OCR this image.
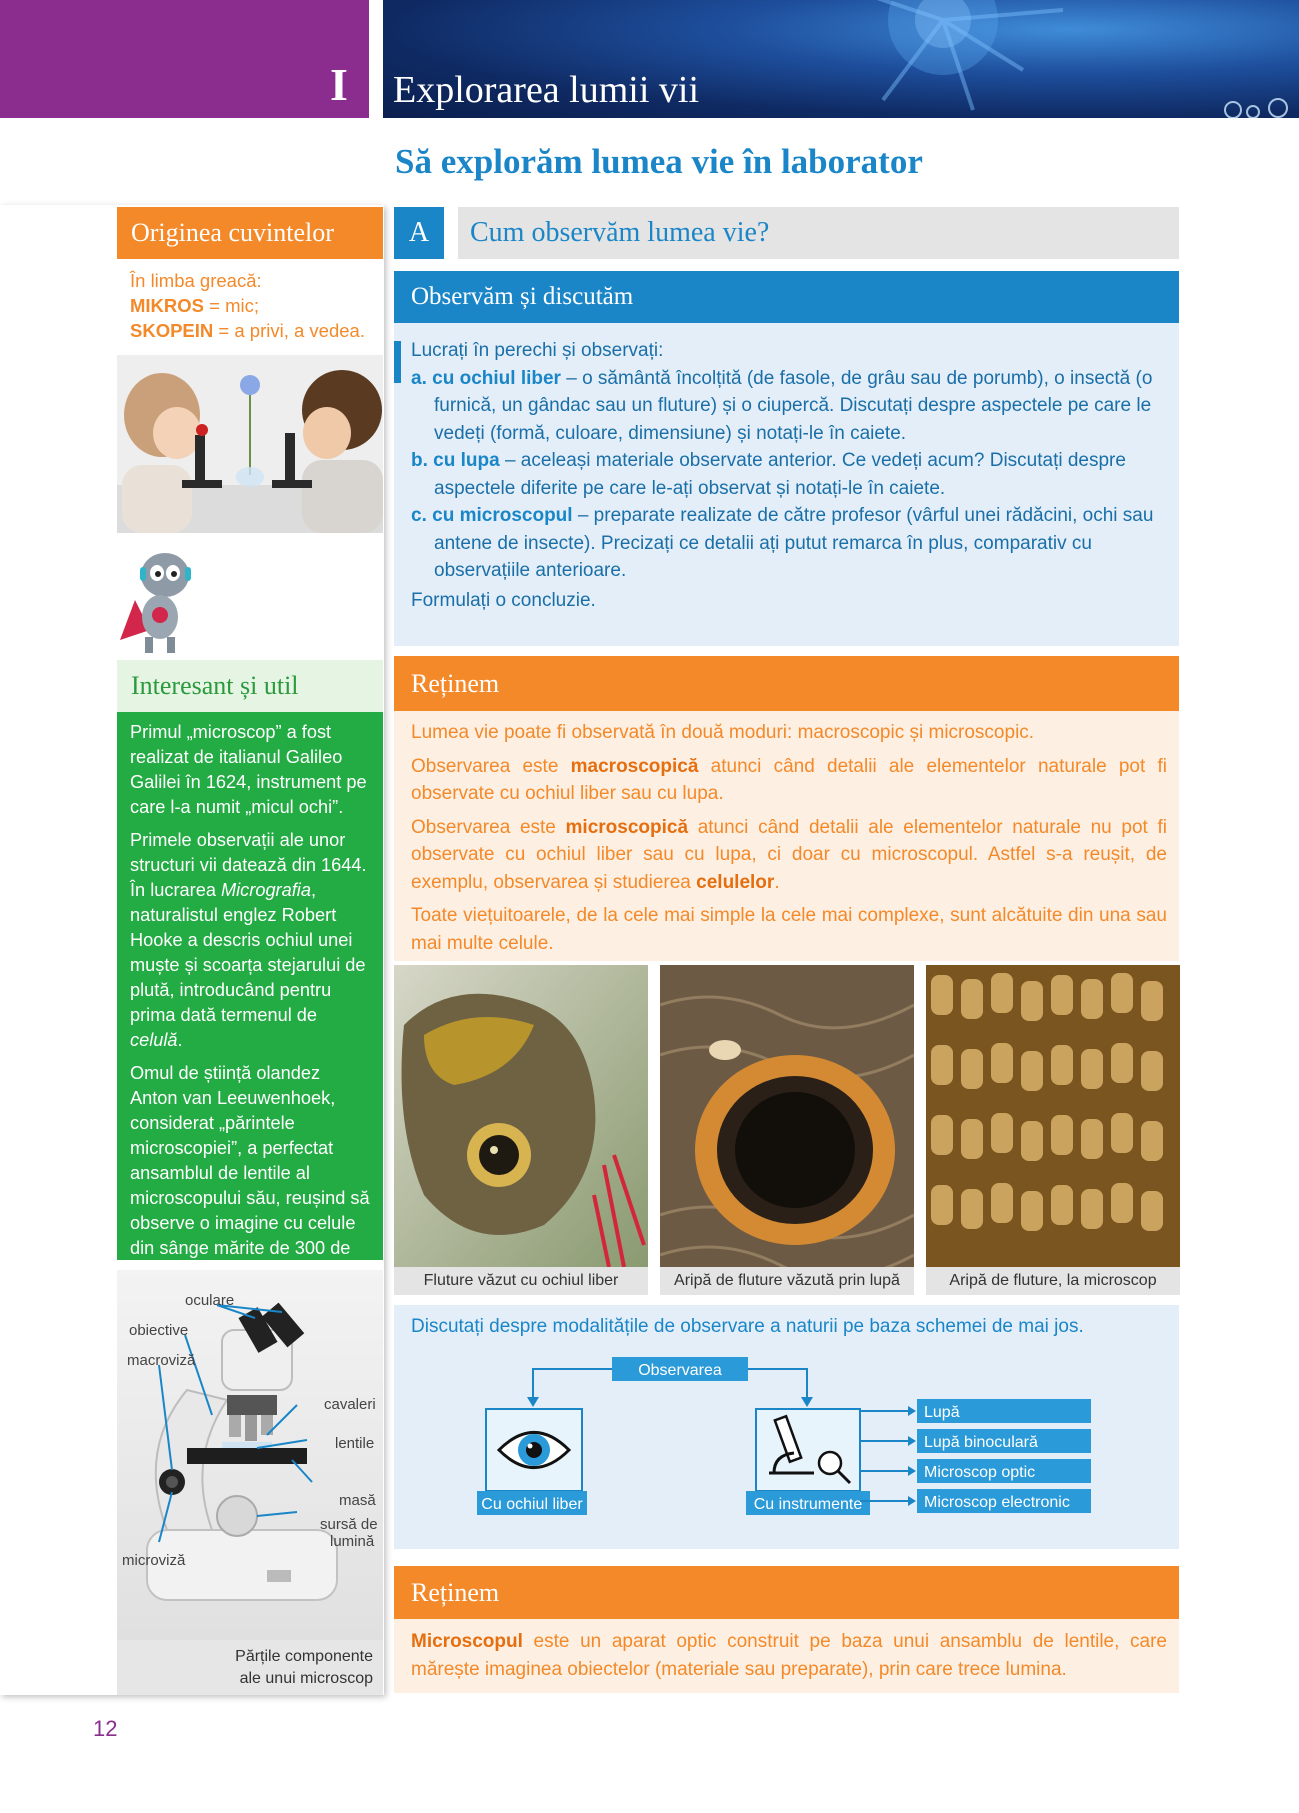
I Explorarea lumii vii
Să explorăm lumea vie în laborator
Originea cuvintelor
În limba greacă:
MIKROS = mic;
SKOPEIN = a privi, a vedea.
Interesant și util

Primul „microscop” a fost realizat de italianul Galileo Galilei în 1624, instrument pe care l-a numit „micul ochi”.

Primele observații ale unor structuri vii datează din 1644. În lucrarea Micrografia, naturalistul englez Robert Hooke a descris ochiul unei muște și scoarța stejarului de plută, introducând pentru prima dată termenul de celulă.

Omul de știință olandez Anton van Leeuwenhoek, considerat „părintele microscopiei”, a perfectat ansamblul de lentile al microscopului său, reușind să observe o imagine cu celule din sânge mărite de 300 de

oculare
obiective
macroviză
cavaleri
lentile
masă
sursă de
lumină
microviză
Părțile componente
ale unui microscop
12
A	Cum observăm lumea vie?
Observăm și discutăm

Lucrați în perechi și observați:

a. cu ochiul liber – o sământă încolțită (de fasole, de grâu sau de porumb), o insectă (o furnică, un gândac sau un fluture) și o ciupercă. Discutați despre aspectele pe care le vedeți (formă, culoare, dimensiune) și notați-le în caiete.

b. cu lupa – aceleași materiale observate anterior. Ce vedeți acum? Discutați despre aspectele diferite pe care le-ați observat și notați-le în caiete.

c. cu microscopul – preparate realizate de către profesor (vârful unei rădăcini, ochi sau antene de insecte). Precizați ce detalii ați putut remarca în plus, comparativ cu observațiile anterioare.

Formulați o concluzie.

Reținem

Lumea vie poate fi observată în două moduri: macroscopic și microscopic.

Observarea este macroscopică atunci când detalii ale elementelor naturale pot fi observate cu ochiul liber sau cu lupa.

Observarea este microscopică atunci când detalii ale elementelor naturale nu pot fi observate cu ochiul liber sau cu lupa, ci doar cu microscopul. Astfel s-a reușit, de exemplu, observarea și studierea celulelor.

Toate viețuitoarele, de la cele mai simple la cele mai complexe, sunt alcătuite din una sau mai multe celule.

Fluture văzut cu ochiul liber	Aripă de fluture văzută prin lupă	Aripă de fluture, la microscop
Observarea
Cu ochiul liber	Cu instrumente
Lupă
Lupă binoculară
Microscop optic
Microscop electronic
Discutați despre modalitățile de observare a naturii pe baza schemei de mai jos.
Reținem
Microscopul este un aparat optic construit pe baza unui ansamblu de lentile, care mărește imaginea obiectelor (materiale sau preparate), prin care trece lumina.
